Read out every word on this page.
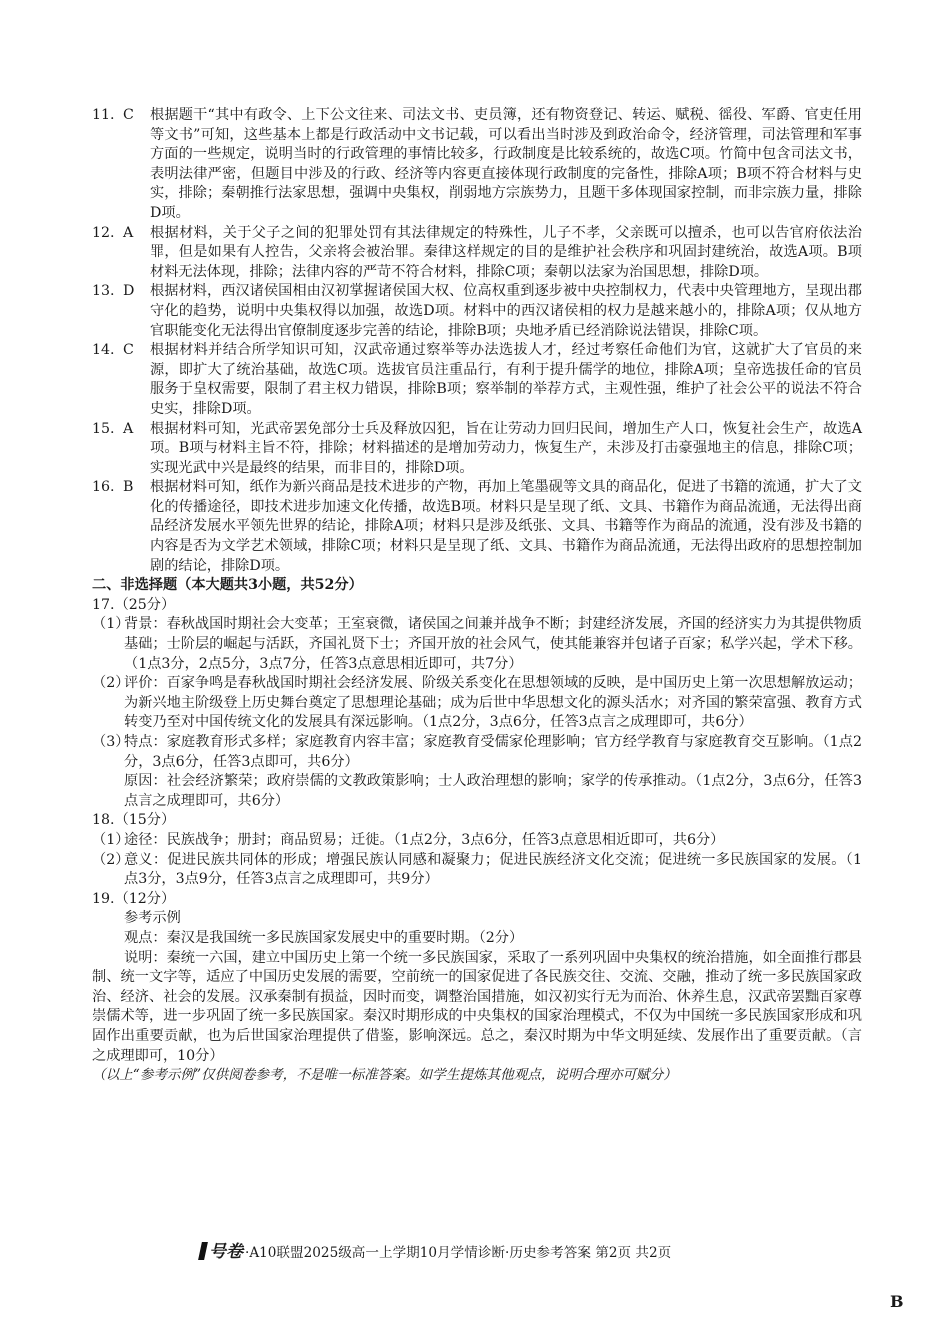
11. C 根据题干“其中有政令、上下公文往来、司法文书、吏员簿，还有物资登记、转运、赋税、徭役、军爵、官吏任用等文书”可知，这些基本上都是行政活动中文书记载，可以看出当时涉及到政治命令，经济管理，司法管理和军事方面的一些规定，说明当时的行政管理的事情比较多，行政制度是比较系统的，故选C项。竹简中包含司法文书，表明法律严密，但题目中涉及的行政、经济等内容更直接体现行政制度的完备性，排除A项；B项不符合材料与史实，排除；秦朝推行法家思想，强调中央集权，削弱地方宗族势力，且题干多体现国家控制，而非宗族力量，排除D项。

12. A 根据材料，关于父子之间的犯罪处罚有其法律规定的特殊性，儿子不孝，父亲既可以擅杀，也可以告官府依法治罪，但是如果有人控告，父亲将会被治罪。秦律这样规定的目的是维护社会秩序和巩固封建统治，故选A项。B项材料无法体现，排除；法律内容的严苛不符合材料，排除C项；秦朝以法家为治国思想，排除D项。

13. D 根据材料，西汉诸侯国相由汉初掌握诸侯国大权、位高权重到逐步被中央控制权力，代表中央管理地方，呈现出郡守化的趋势，说明中央集权得以加强，故选D项。材料中的西汉诸侯相的权力是越来越小的，排除A项；仅从地方官职能变化无法得出官僚制度逐步完善的结论，排除B项；央地矛盾已经消除说法错误，排除C项。

14. C 根据材料并结合所学知识可知，汉武帝通过察举等办法选拔人才，经过考察任命他们为官，这就扩大了官员的来源，即扩大了统治基础，故选C项。选拔官员注重品行，有利于提升儒学的地位，排除A项；皇帝选拔任命的官员服务于皇权需要，限制了君主权力错误，排除B项；察举制的举荐方式，主观性强，维护了社会公平的说法不符合史实，排除D项。

15. A 根据材料可知，光武帝罢免部分士兵及释放囚犯，旨在让劳动力回归民间，增加生产人口，恢复社会生产，故选A项。B项与材料主旨不符，排除；材料描述的是增加劳动力，恢复生产，未涉及打击豪强地主的信息，排除C项；实现光武中兴是最终的结果，而非目的，排除D项。

16. B 根据材料可知，纸作为新兴商品是技术进步的产物，再加上笔墨砚等文具的商品化，促进了书籍的流通，扩大了文化的传播途径，即技术进步加速文化传播，故选B项。材料只是呈现了纸、文具、书籍作为商品流通，无法得出商品经济发展水平领先世界的结论，排除A项；材料只是涉及纸张、文具、书籍等作为商品的流通，没有涉及书籍的内容是否为文学艺术领域，排除C项；材料只是呈现了纸、文具、书籍作为商品流通，无法得出政府的思想控制加剧的结论，排除D项。

二、非选择题（本大题共3小题，共52分）

17.（25分）

（1）
背景：春秋战国时期社会大变革；王室衰微，诸侯国之间兼并战争不断；封建经济发展，齐国的经济实力为其提供物质基础；士阶层的崛起与活跃，齐国礼贤下士；齐国开放的社会风气，使其能兼容并包诸子百家；私学兴起，学术下移。（1点3分，2点5分，3点7分，任答3点意思相近即可，共7分）

（2）
评价：百家争鸣是春秋战国时期社会经济发展、阶级关系变化在思想领域的反映，是中国历史上第一次思想解放运动；为新兴地主阶级登上历史舞台奠定了思想理论基础；成为后世中华思想文化的源头活水；对齐国的繁荣富强、教育方式转变乃至对中国传统文化的发展具有深远影响。（1点2分，3点6分，任答3点言之成理即可，共6分）

（3）
特点：家庭教育形式多样；家庭教育内容丰富；家庭教育受儒家伦理影响；官方经学教育与家庭教育交互影响。（1点2分，3点6分，任答3点即可，共6分）

原因：社会经济繁荣；政府崇儒的文教政策影响；士人政治理想的影响；家学的传承推动。（1点2分，3点6分，任答3点言之成理即可，共6分）

18.（15分）

（1）
途径：民族战争；册封；商品贸易；迁徙。（1点2分，3点6分，任答3点意思相近即可，共6分）

（2）
意义：促进民族共同体的形成；增强民族认同感和凝聚力；促进民族经济文化交流；促进统一多民族国家的发展。（1点3分，3点9分，任答3点言之成理即可，共9分）

19.（12分）

参考示例

观点：秦汉是我国统一多民族国家发展史中的重要时期。（2分）

说明：秦统一六国，建立中国历史上第一个统一多民族国家，采取了一系列巩固中央集权的统治措施，如全面推行郡县制、统一文字等，适应了中国历史发展的需要，空前统一的国家促进了各民族交往、交流、交融，推动了统一多民族国家政治、经济、社会的发展。汉承秦制有损益，因时而变，调整治国措施，如汉初实行无为而治、休养生息，汉武帝罢黜百家尊崇儒术等，进一步巩固了统一多民族国家。秦汉时期形成的中央集权的国家治理模式，不仅为中国统一多民族国家形成和巩固作出重要贡献，也为后世国家治理提供了借鉴，影响深远。总之，秦汉时期为中华文明延续、发展作出了重要贡献。（言之成理即可，10分）

（以上“参考示例”仅供阅卷参考，不是唯一标准答案。如学生提炼其他观点，说明合理亦可赋分）

号卷 ·A10联盟2025级高一上学期10月学情诊断·历史参考答案 第2页 共2页
B
